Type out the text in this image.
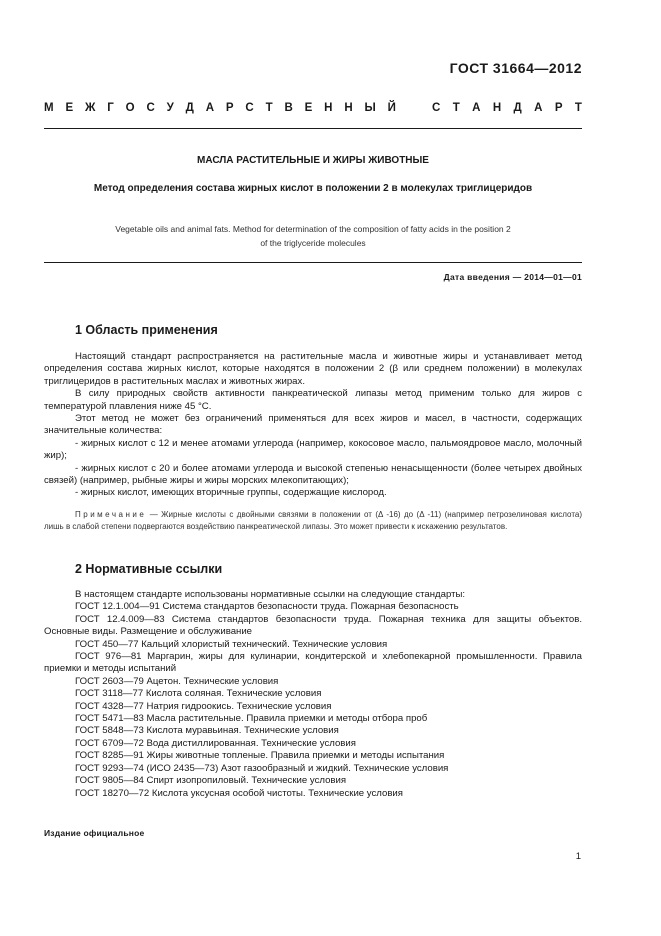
ГОСТ 31664—2012
М Е Ж Г О С У Д А Р С Т В Е Н Н Ы Й	С Т А Н Д А Р Т
МАСЛА РАСТИТЕЛЬНЫЕ И ЖИРЫ ЖИВОТНЫЕ
Метод определения состава жирных кислот в положении 2 в молекулах триглицеридов
Vegetable oils and animal fats. Method for determination of the composition of fatty acids in the position 2
of the triglyceride molecules
Дата введения — 2014—01—01
1 Область применения

Настоящий стандарт распространяется на растительные масла и животные жиры и устанавливает метод определения состава жирных кислот, которые находятся в положении 2 (β или среднем положении) в молекулах триглицеридов в растительных маслах и животных жирах.

В силу природных свойств активности панкреатической липазы метод применим только для жиров с температурой плавления ниже 45 °С.

Этот метод не может без ограничений применяться для всех жиров и масел, в частности, содержащих значительные количества:

- жирных кислот с 12 и менее атомами углерода (например, кокосовое масло, пальмоядровое масло, молочный жир);

- жирных кислот с 20 и более атомами углерода и высокой степенью ненасыщенности (более четырех двойных связей) (например, рыбные жиры и жиры морских млекопитающих);

- жирных кислот, имеющих вторичные группы, содержащие кислород.

Примечание — Жирные кислоты с двойными связями в положении от (Δ -16) до (Δ -11) (например петрозелиновая кислота) лишь в слабой степени подвергаются воздействию панкреатической липазы. Это может привести к искажению результатов.

2 Нормативные ссылки

В настоящем стандарте использованы нормативные ссылки на следующие стандарты:

ГОСТ 12.1.004—91 Система стандартов безопасности труда. Пожарная безопасность

ГОСТ 12.4.009—83 Система стандартов безопасности труда. Пожарная техника для защиты объектов. Основные виды. Размещение и обслуживание

ГОСТ 450—77 Кальций хлористый технический. Технические условия

ГОСТ 976—81 Маргарин, жиры для кулинарии, кондитерской и хлебопекарной промышленности. Правила приемки и методы испытаний

ГОСТ 2603—79 Ацетон. Технические условия

ГОСТ 3118—77 Кислота соляная. Технические условия

ГОСТ 4328—77 Натрия гидроокись. Технические условия

ГОСТ 5471—83 Масла растительные. Правила приемки и методы отбора проб

ГОСТ 5848—73 Кислота муравьиная. Технические условия

ГОСТ 6709—72 Вода дистиллированная. Технические условия

ГОСТ 8285—91 Жиры животные топленые. Правила приемки и методы испытания

ГОСТ 9293—74 (ИСО 2435—73) Азот газообразный и жидкий. Технические условия

ГОСТ 9805—84 Спирт изопропиловый. Технические условия

ГОСТ 18270—72 Кислота уксусная особой чистоты. Технические условия

Издание официальное
1
